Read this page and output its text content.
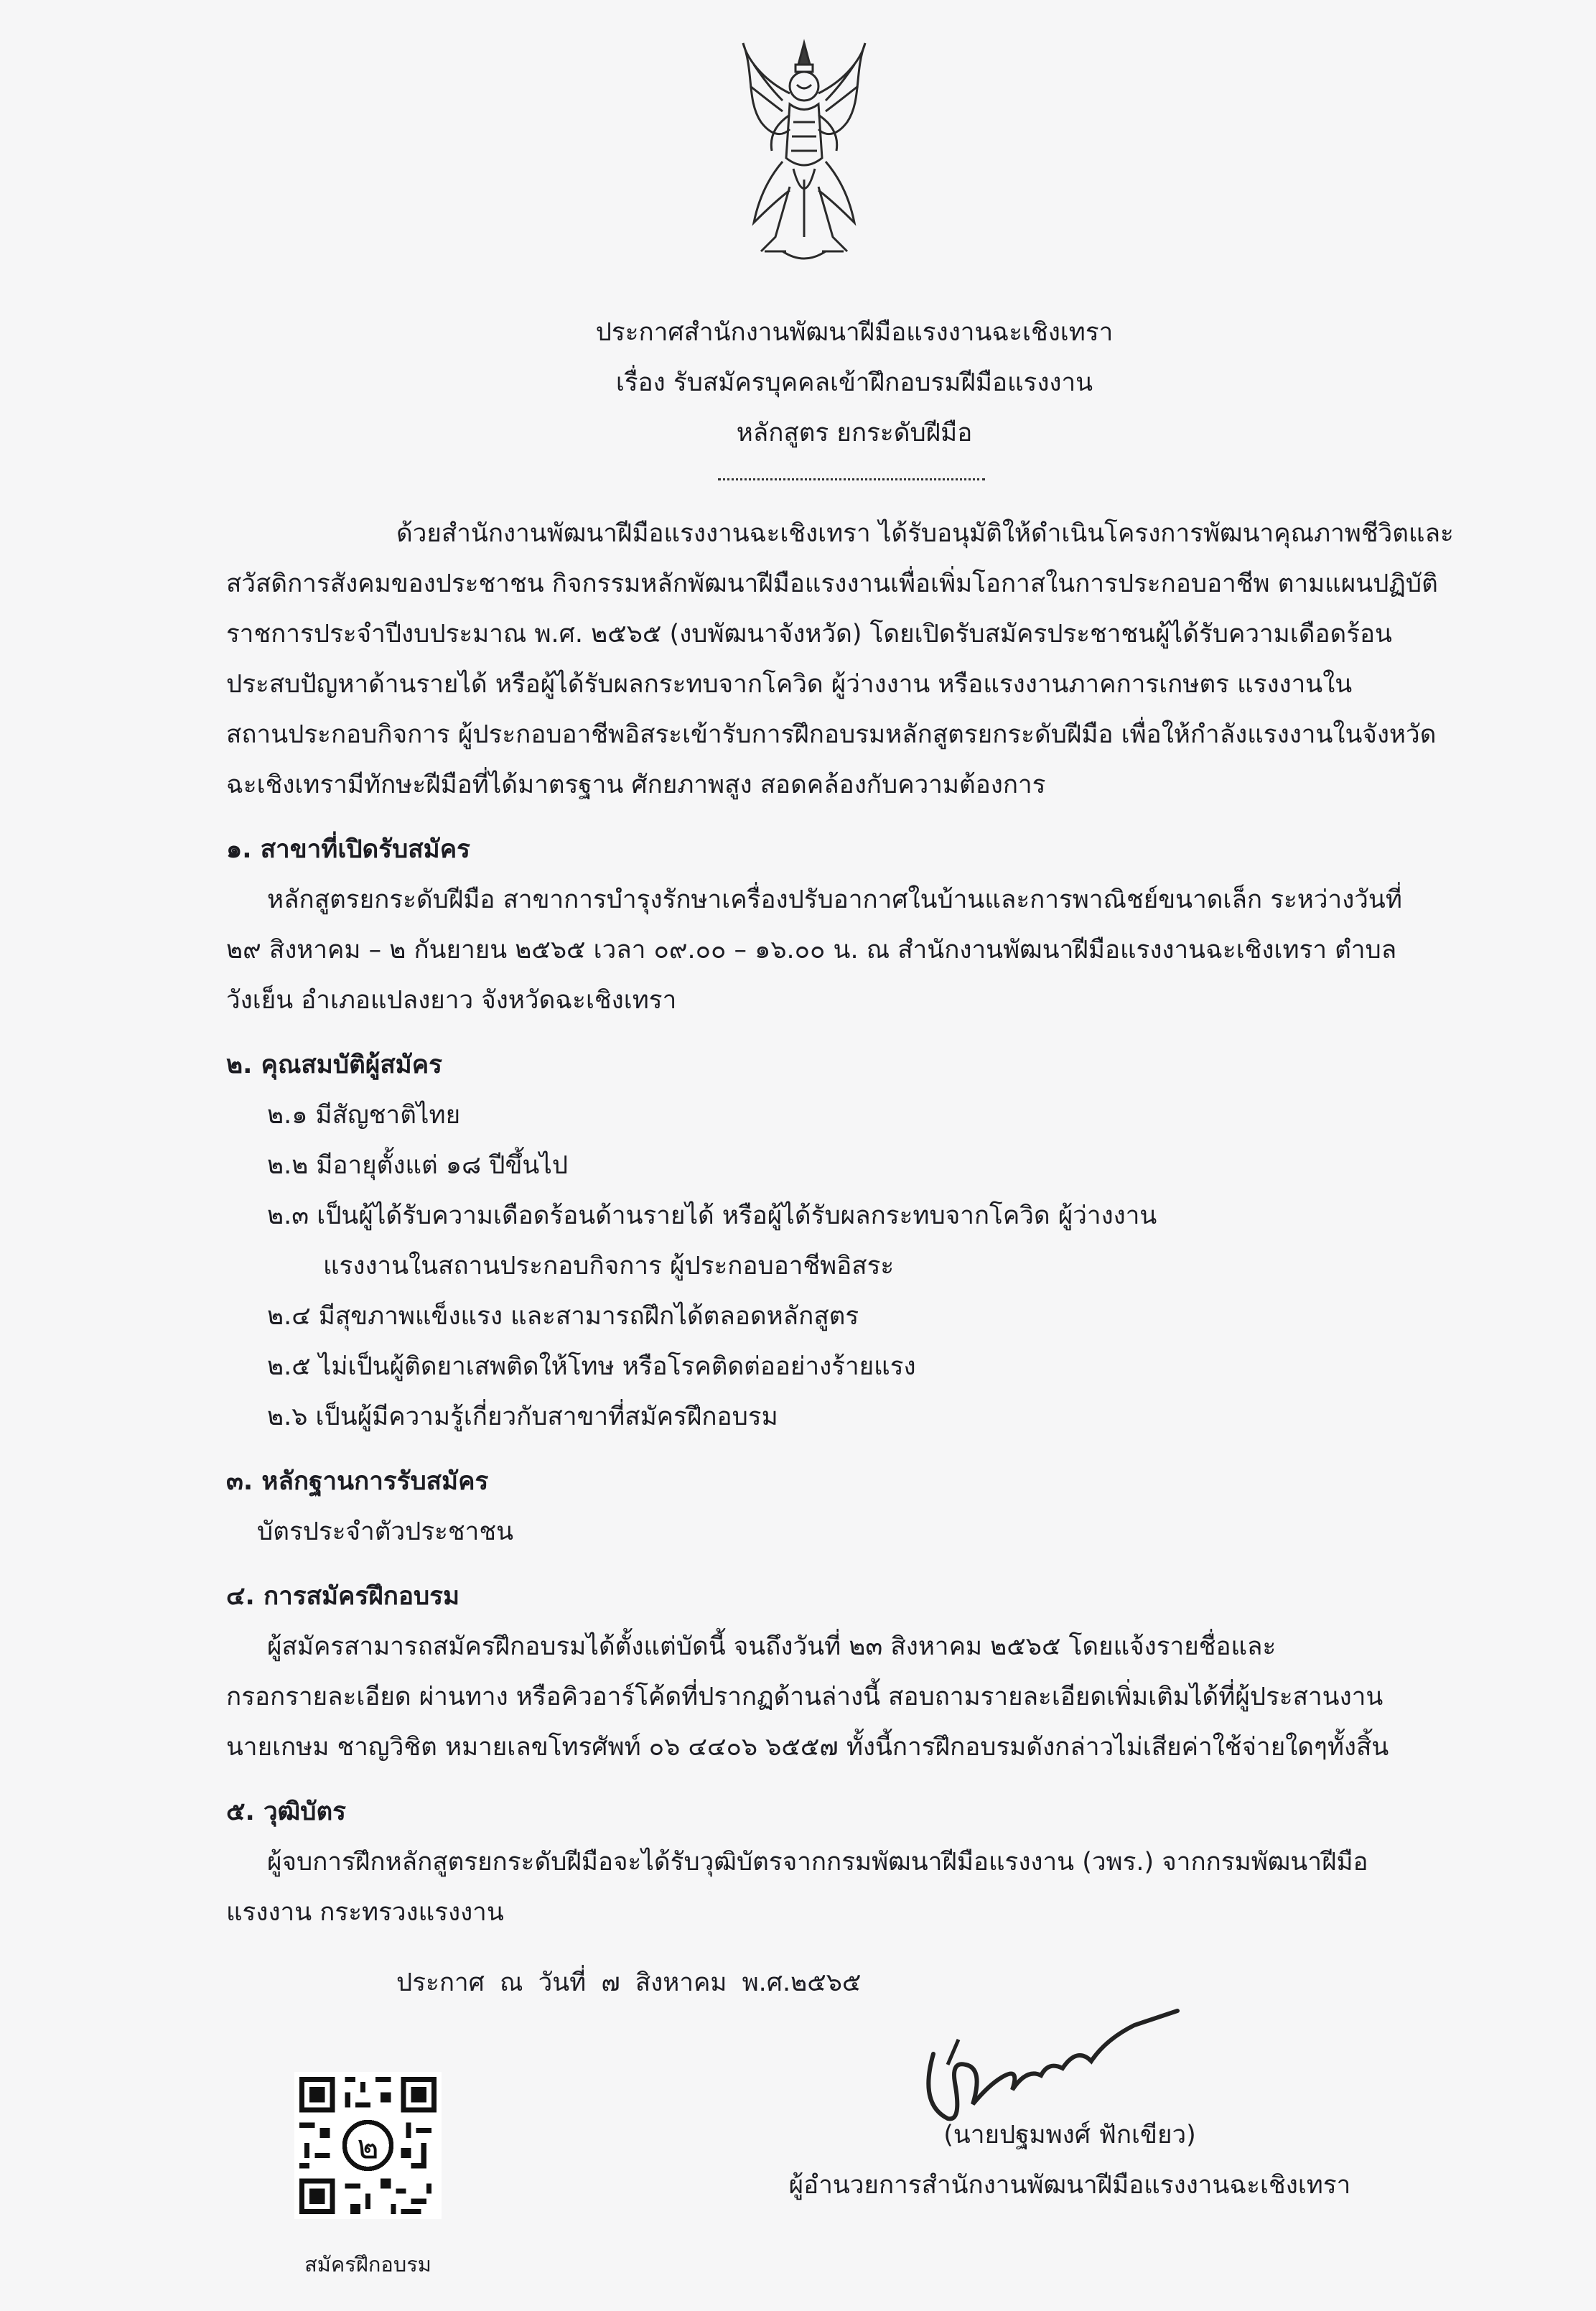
ประกาศสำนักงานพัฒนาฝีมือแรงงานฉะเชิงเทรา
เรื่อง รับสมัครบุคคลเข้าฝึกอบรมฝีมือแรงงาน
หลักสูตร ยกระดับฝีมือ
ด้วยสำนักงานพัฒนาฝีมือแรงงานฉะเชิงเทรา ได้รับอนุมัติให้ดำเนินโครงการพัฒนาคุณภาพชีวิตและ
สวัสดิการสังคมของประชาชน กิจกรรมหลักพัฒนาฝีมือแรงงานเพื่อเพิ่มโอกาสในการประกอบอาชีพ ตามแผนปฏิบัติ
ราชการประจำปีงบประมาณ พ.ศ. ๒๕๖๕ (งบพัฒนาจังหวัด) โดยเปิดรับสมัครประชาชนผู้ได้รับความเดือดร้อน
ประสบปัญหาด้านรายได้ หรือผู้ได้รับผลกระทบจากโควิด ผู้ว่างงาน หรือแรงงานภาคการเกษตร แรงงานใน
สถานประกอบกิจการ ผู้ประกอบอาชีพอิสระเข้ารับการฝึกอบรมหลักสูตรยกระดับฝีมือ เพื่อให้กำลังแรงงานในจังหวัด
ฉะเชิงเทรามีทักษะฝีมือที่ได้มาตรฐาน ศักยภาพสูง สอดคล้องกับความต้องการ
๑. สาขาที่เปิดรับสมัคร
หลักสูตรยกระดับฝีมือ สาขาการบำรุงรักษาเครื่องปรับอากาศในบ้านและการพาณิชย์ขนาดเล็ก ระหว่างวันที่
๒๙ สิงหาคม – ๒ กันยายน ๒๕๖๕ เวลา ๐๙.๐๐ – ๑๖.๐๐ น. ณ สำนักงานพัฒนาฝีมือแรงงานฉะเชิงเทรา ตำบล
วังเย็น อำเภอแปลงยาว จังหวัดฉะเชิงเทรา
๒. คุณสมบัติผู้สมัคร
๒.๑ มีสัญชาติไทย
๒.๒ มีอายุตั้งแต่ ๑๘ ปีขึ้นไป
๒.๓ เป็นผู้ได้รับความเดือดร้อนด้านรายได้ หรือผู้ได้รับผลกระทบจากโควิด ผู้ว่างงาน
แรงงานในสถานประกอบกิจการ ผู้ประกอบอาชีพอิสระ
๒.๔ มีสุขภาพแข็งแรง และสามารถฝึกได้ตลอดหลักสูตร
๒.๕ ไม่เป็นผู้ติดยาเสพติดให้โทษ หรือโรคติดต่ออย่างร้ายแรง
๒.๖ เป็นผู้มีความรู้เกี่ยวกับสาขาที่สมัครฝึกอบรม
๓. หลักฐานการรับสมัคร
บัตรประจำตัวประชาชน
๔. การสมัครฝึกอบรม
ผู้สมัครสามารถสมัครฝึกอบรมได้ตั้งแต่บัดนี้ จนถึงวันที่ ๒๓ สิงหาคม ๒๕๖๕ โดยแจ้งรายชื่อและ
กรอกรายละเอียด ผ่านทาง หรือคิวอาร์โค้ดที่ปรากฏด้านล่างนี้ สอบถามรายละเอียดเพิ่มเติมได้ที่ผู้ประสานงาน
นายเกษม ชาญวิชิต หมายเลขโทรศัพท์ ๐๖ ๔๔๐๖ ๖๕๕๗ ทั้งนี้การฝึกอบรมดังกล่าวไม่เสียค่าใช้จ่ายใดๆทั้งสิ้น
๕. วุฒิบัตร
ผู้จบการฝึกหลักสูตรยกระดับฝีมือจะได้รับวุฒิบัตรจากกรมพัฒนาฝีมือแรงงาน (วพร.) จากกรมพัฒนาฝีมือ
แรงงาน กระทรวงแรงงาน
ประกาศ ณ วันที่ ๗ สิงหาคม พ.ศ.๒๕๖๕
(นายปฐมพงศ์ ฟักเขียว)
ผู้อำนวยการสำนักงานพัฒนาฝีมือแรงงานฉะเชิงเทรา
๒
สมัครฝึกอบรม
